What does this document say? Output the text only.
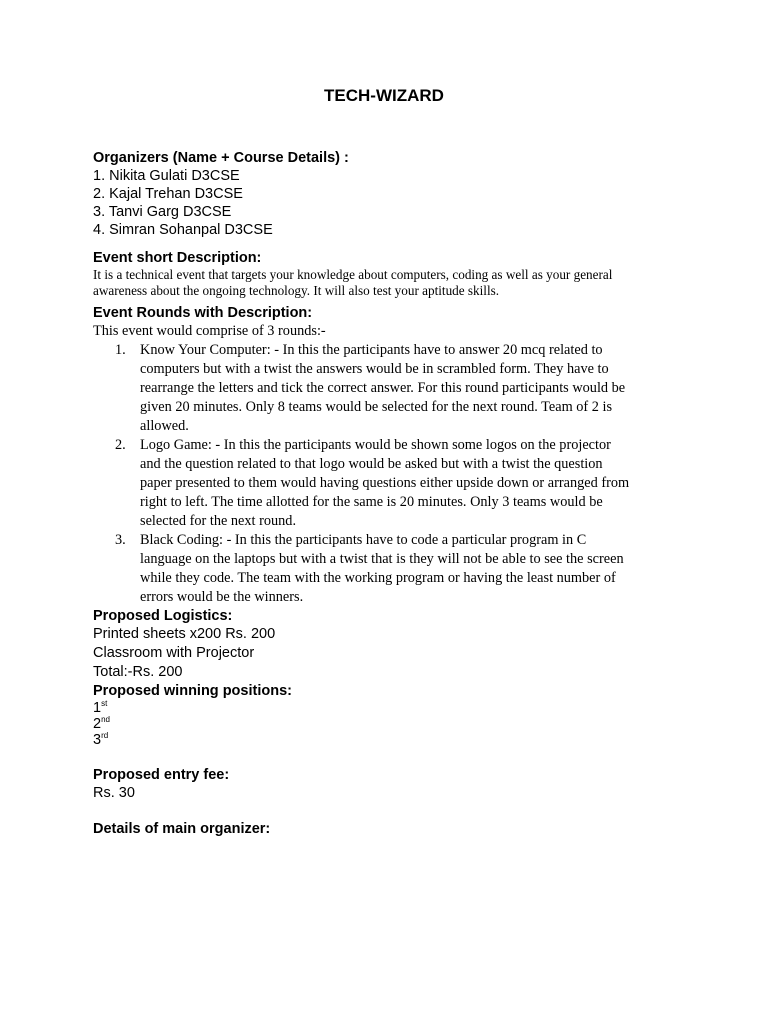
TECH-WIZARD
Organizers (Name + Course Details) :
1. Nikita Gulati D3CSE
2. Kajal Trehan D3CSE
3. Tanvi Garg D3CSE
4. Simran Sohanpal D3CSE
Event short Description:
It is a technical event that targets your knowledge about computers, coding as well as your general
awareness about the ongoing technology. It will also test your aptitude skills.
Event Rounds with Description:
This event would comprise of 3 rounds:-
1. Know Your Computer: - In this the participants have to answer 20 mcq related to
computers but with a twist the answers would be in scrambled form. They have to
rearrange the letters and tick the correct answer. For this round participants would be
given 20 minutes. Only 8 teams would be selected for the next round. Team of 2 is
allowed.
2. Logo Game: - In this the participants would be shown some logos on the projector
and the question related to that logo would be asked but with a twist the question
paper presented to them would having questions either upside down or arranged from
right to left. The time allotted for the same is 20 minutes. Only 3 teams would be
selected for the next round.
3. Black Coding: - In this the participants have to code a particular program in C
language on the laptops but with a twist that is they will not be able to see the screen
while they code. The team with the working program or having the least number of
errors would be the winners.
Proposed Logistics:
Printed sheets x200 Rs. 200
Classroom with Projector
Total:-Rs. 200
Proposed winning positions:
1st
2nd
3rd
Proposed entry fee:
Rs. 30
Details of main organizer:
